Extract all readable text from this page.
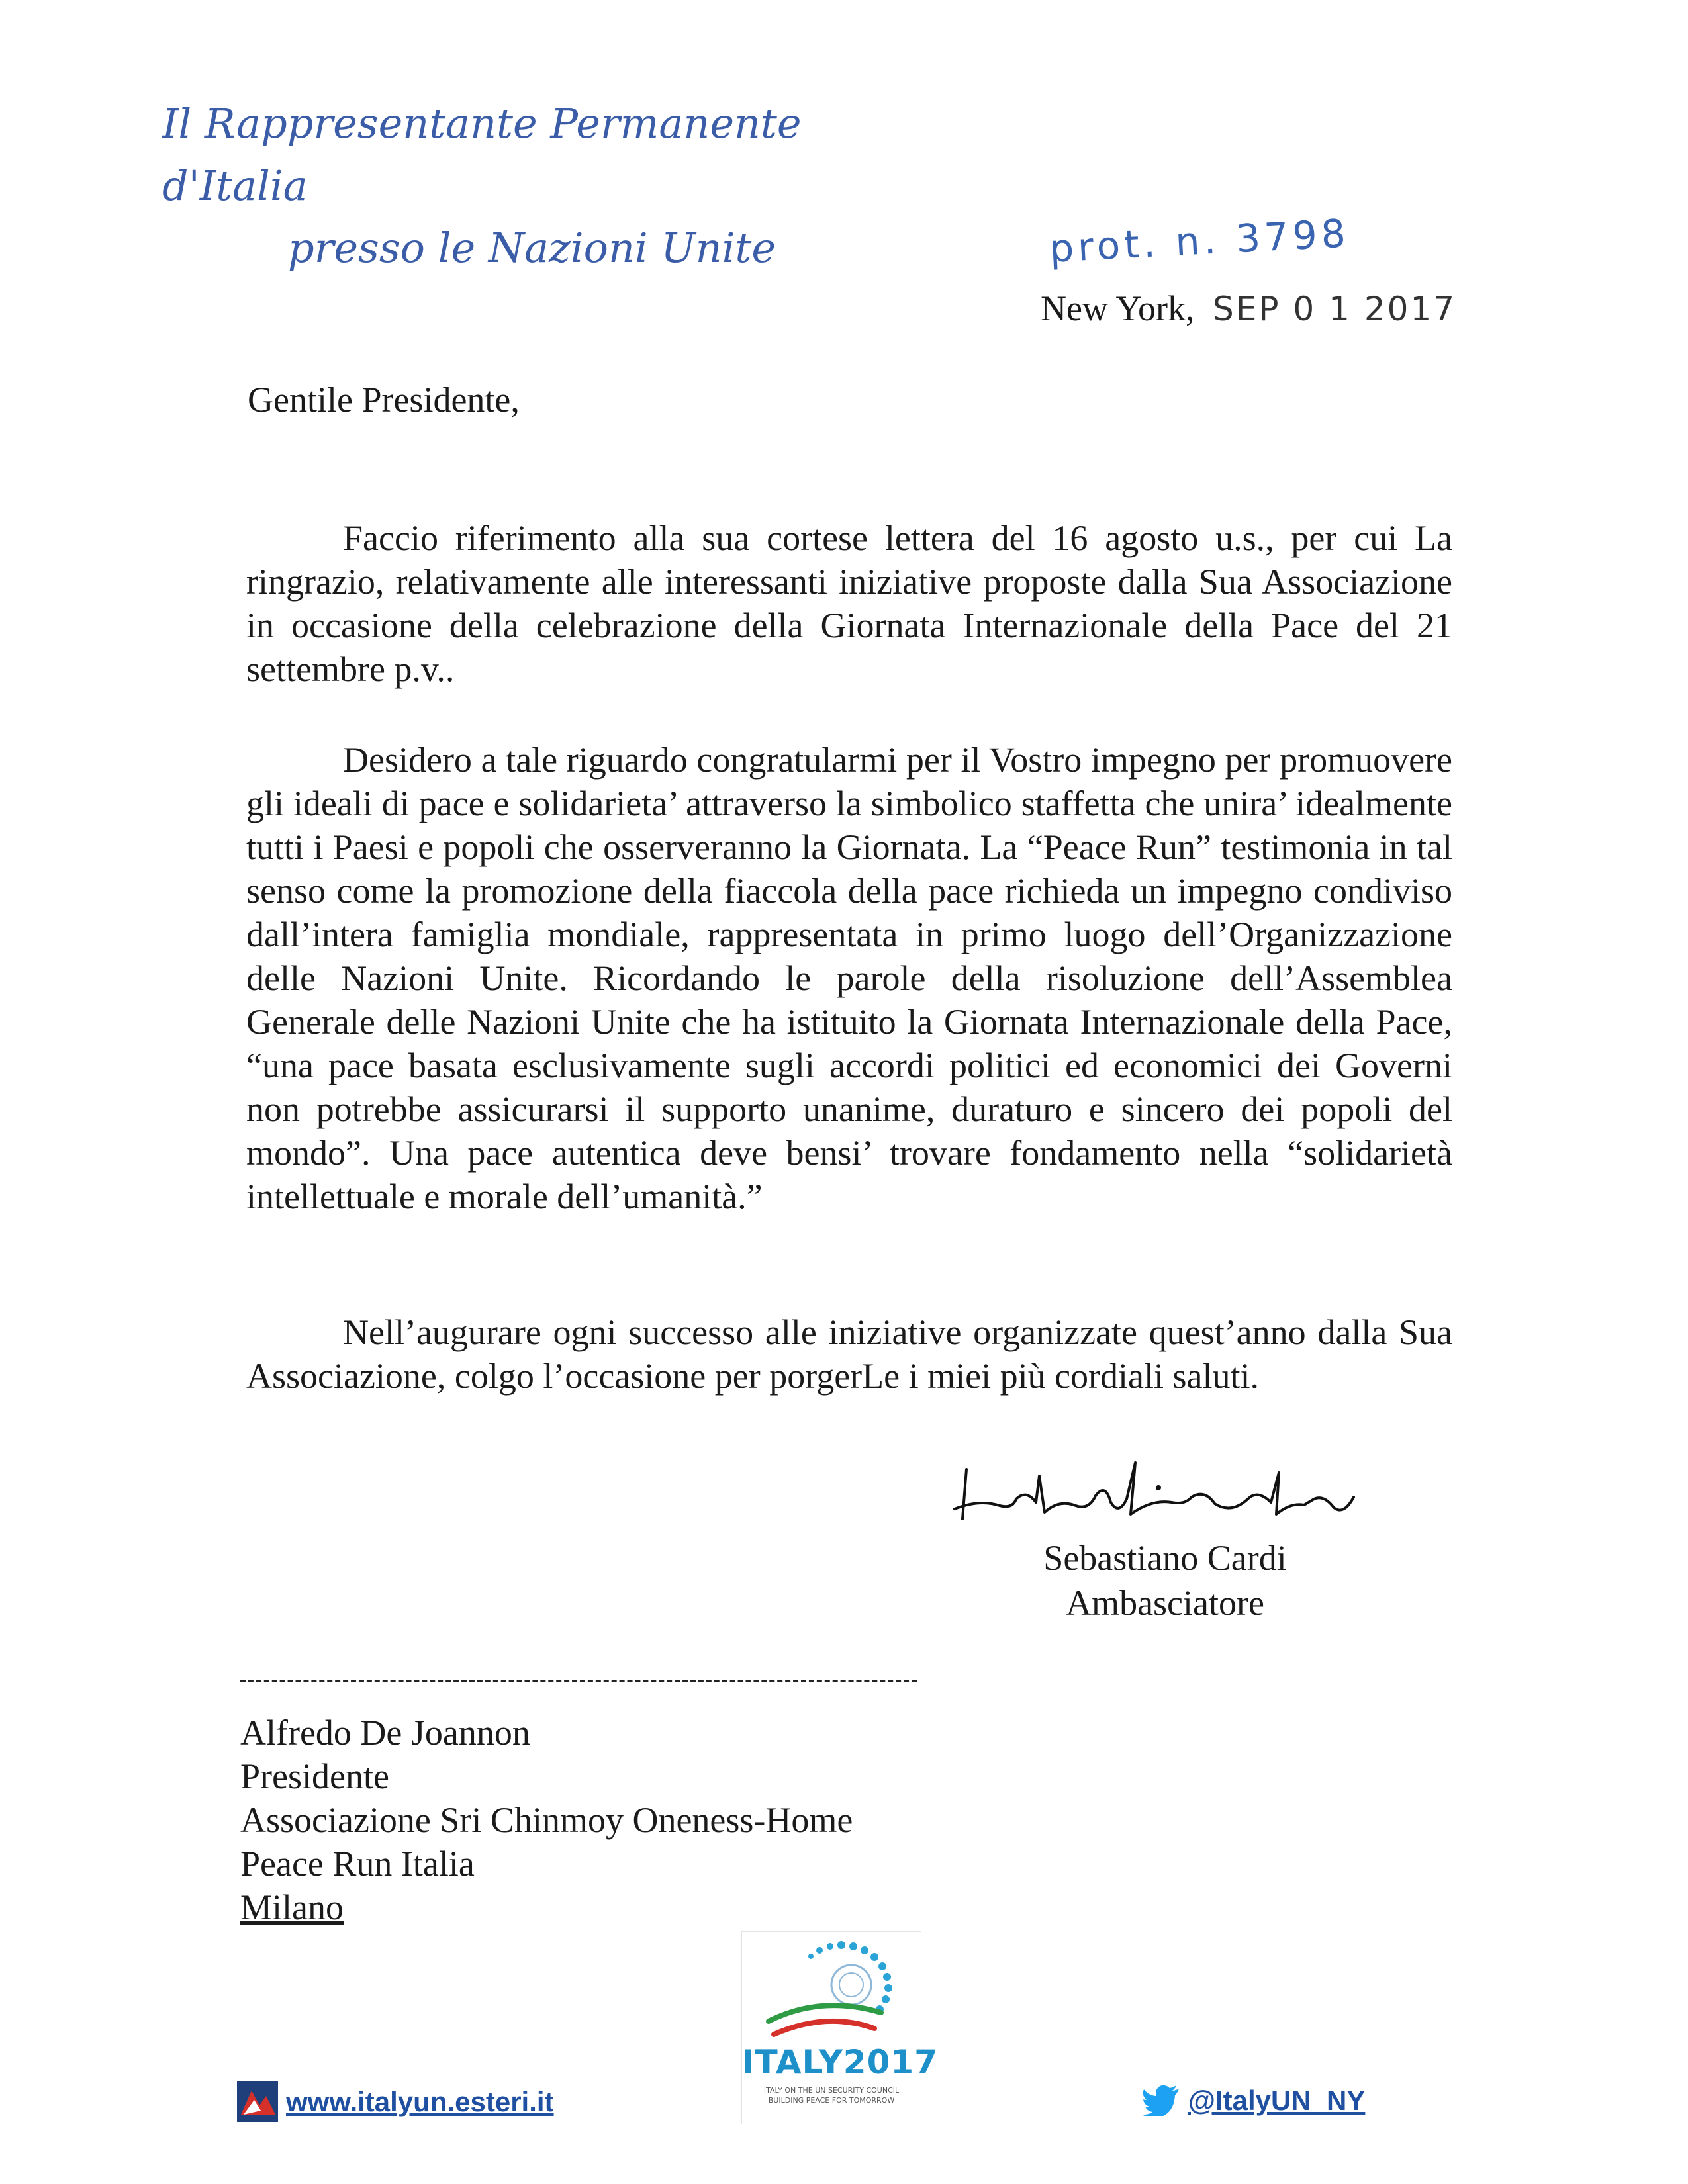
Il Rappresentante Permanente d'Italia
presso le Nazioni Unite	prot. n. 3798
New York, SEP 0 1 2017
Gentile Presidente,

Faccio riferimento alla sua cortese lettera del 16 agosto u.s., per cui La ringrazio, relativamente alle interessanti iniziative proposte dalla Sua Associazione in occasione della celebrazione della Giornata Internazionale della Pace del 21 settembre p.v..

Desidero a tale riguardo congratularmi per il Vostro impegno per promuovere gli ideali di pace e solidarieta’ attraverso la simbolico staffetta che unira’ idealmente tutti i Paesi e popoli che osserveranno la Giornata. La “Peace Run” testimonia in tal senso come la promozione della fiaccola della pace richieda un impegno condiviso dall’intera famiglia mondiale, rappresentata in primo luogo dell’Organizzazione delle Nazioni Unite. Ricordando le parole della risoluzione dell’Assemblea Generale delle Nazioni Unite che ha istituito la Giornata Internazionale della Pace, “una pace basata esclusivamente sugli accordi politici ed economici dei Governi non potrebbe assicurarsi il supporto unanime, duraturo e sincero dei popoli del mondo”. Una pace autentica deve bensi’ trovare fondamento nella “solidarietà intellettuale e morale dell’umanità.”

Nell’augurare ogni successo alle iniziative organizzate quest’anno dalla Sua Associazione, colgo l’occasione per porgerLe i miei più cordiali saluti.

Sebastiano Cardi
Ambasciatore
Alfredo De Joannon
Presidente
Associazione Sri Chinmoy Oneness-Home
Peace Run Italia
Milano
ITALY2017
ITALY ON THE UN SECURITY COUNCIL
BUILDING PEACE FOR TOMORROW
www.italyun.esteri.it	@ItalyUN_NY
